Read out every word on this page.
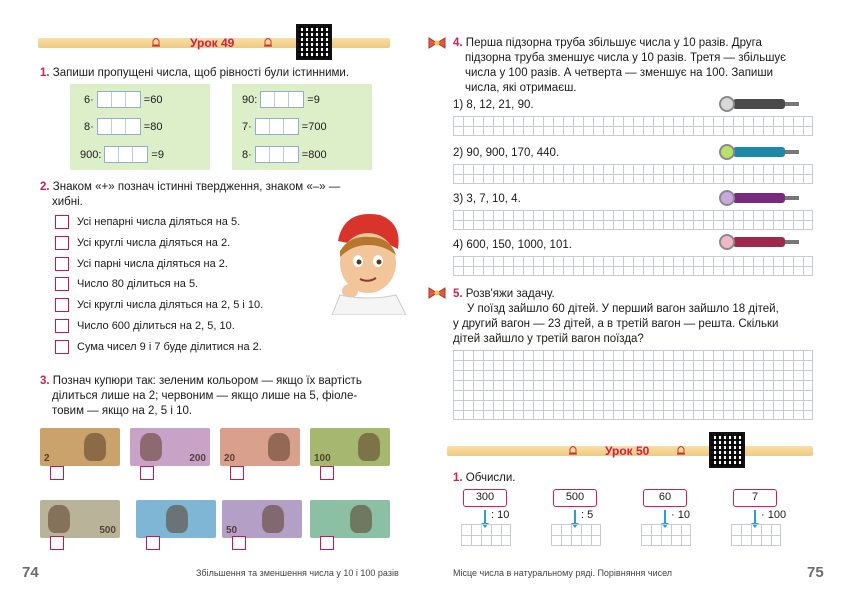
Урок 49
1. Запиши пропущені числа, щоб рівності були істинними.
6·	=60
8·	=80
900:	=9
90:	=9
7·	=700
8·	=800
2. Знаком «+» познач істинні твердження, знаком «–» —
хибні.
Усі непарні числа діляться на 5.
Усі круглі числа діляться на 2.
Усі парні числа діляться на 2.
Число 80 ділиться на 5.
Усі круглі числа діляться на 2, 5 і 10.
Число 600 ділиться на 2, 5, 10.
Сума чисел 9 і 7 буде ділитися на 2.
3. Познач купюри так: зеленим кольором — якщо їх вартість
ділиться лише на 2; червоним — якщо лише на 5, фіоле-
товим — якщо на 2, 5 і 10.
2	200 20	100
500	50
74	Збільшення та зменшення числа у 10 і 100 разів
4. Перша підзорна труба збільшує числа у 10 разів. Друга
підзорна труба зменшує числа у 10 разів. Третя — збільшує
числа у 100 разів. А четверта — зменшує на 100. Запиши
числа, які отримаєш.
1) 8, 12, 21, 90.
2) 90, 900, 170, 440.
3) 3, 7, 10, 4.
4) 600, 150, 1000, 101.
5. Розв'яжи задачу.
У поїзд зайшло 60 дітей. У перший вагон зайшло 18 дітей,
у другий вагон — 23 дітей, а в третій вагон — решта. Скільки
дітей зайшло у третій вагон поїзда?
Урок 50
1. Обчисли.
300
: 10
500
: 5
60
· 10
7
· 100
Місце числа в натуральному ряді. Порівняння чисел	75
